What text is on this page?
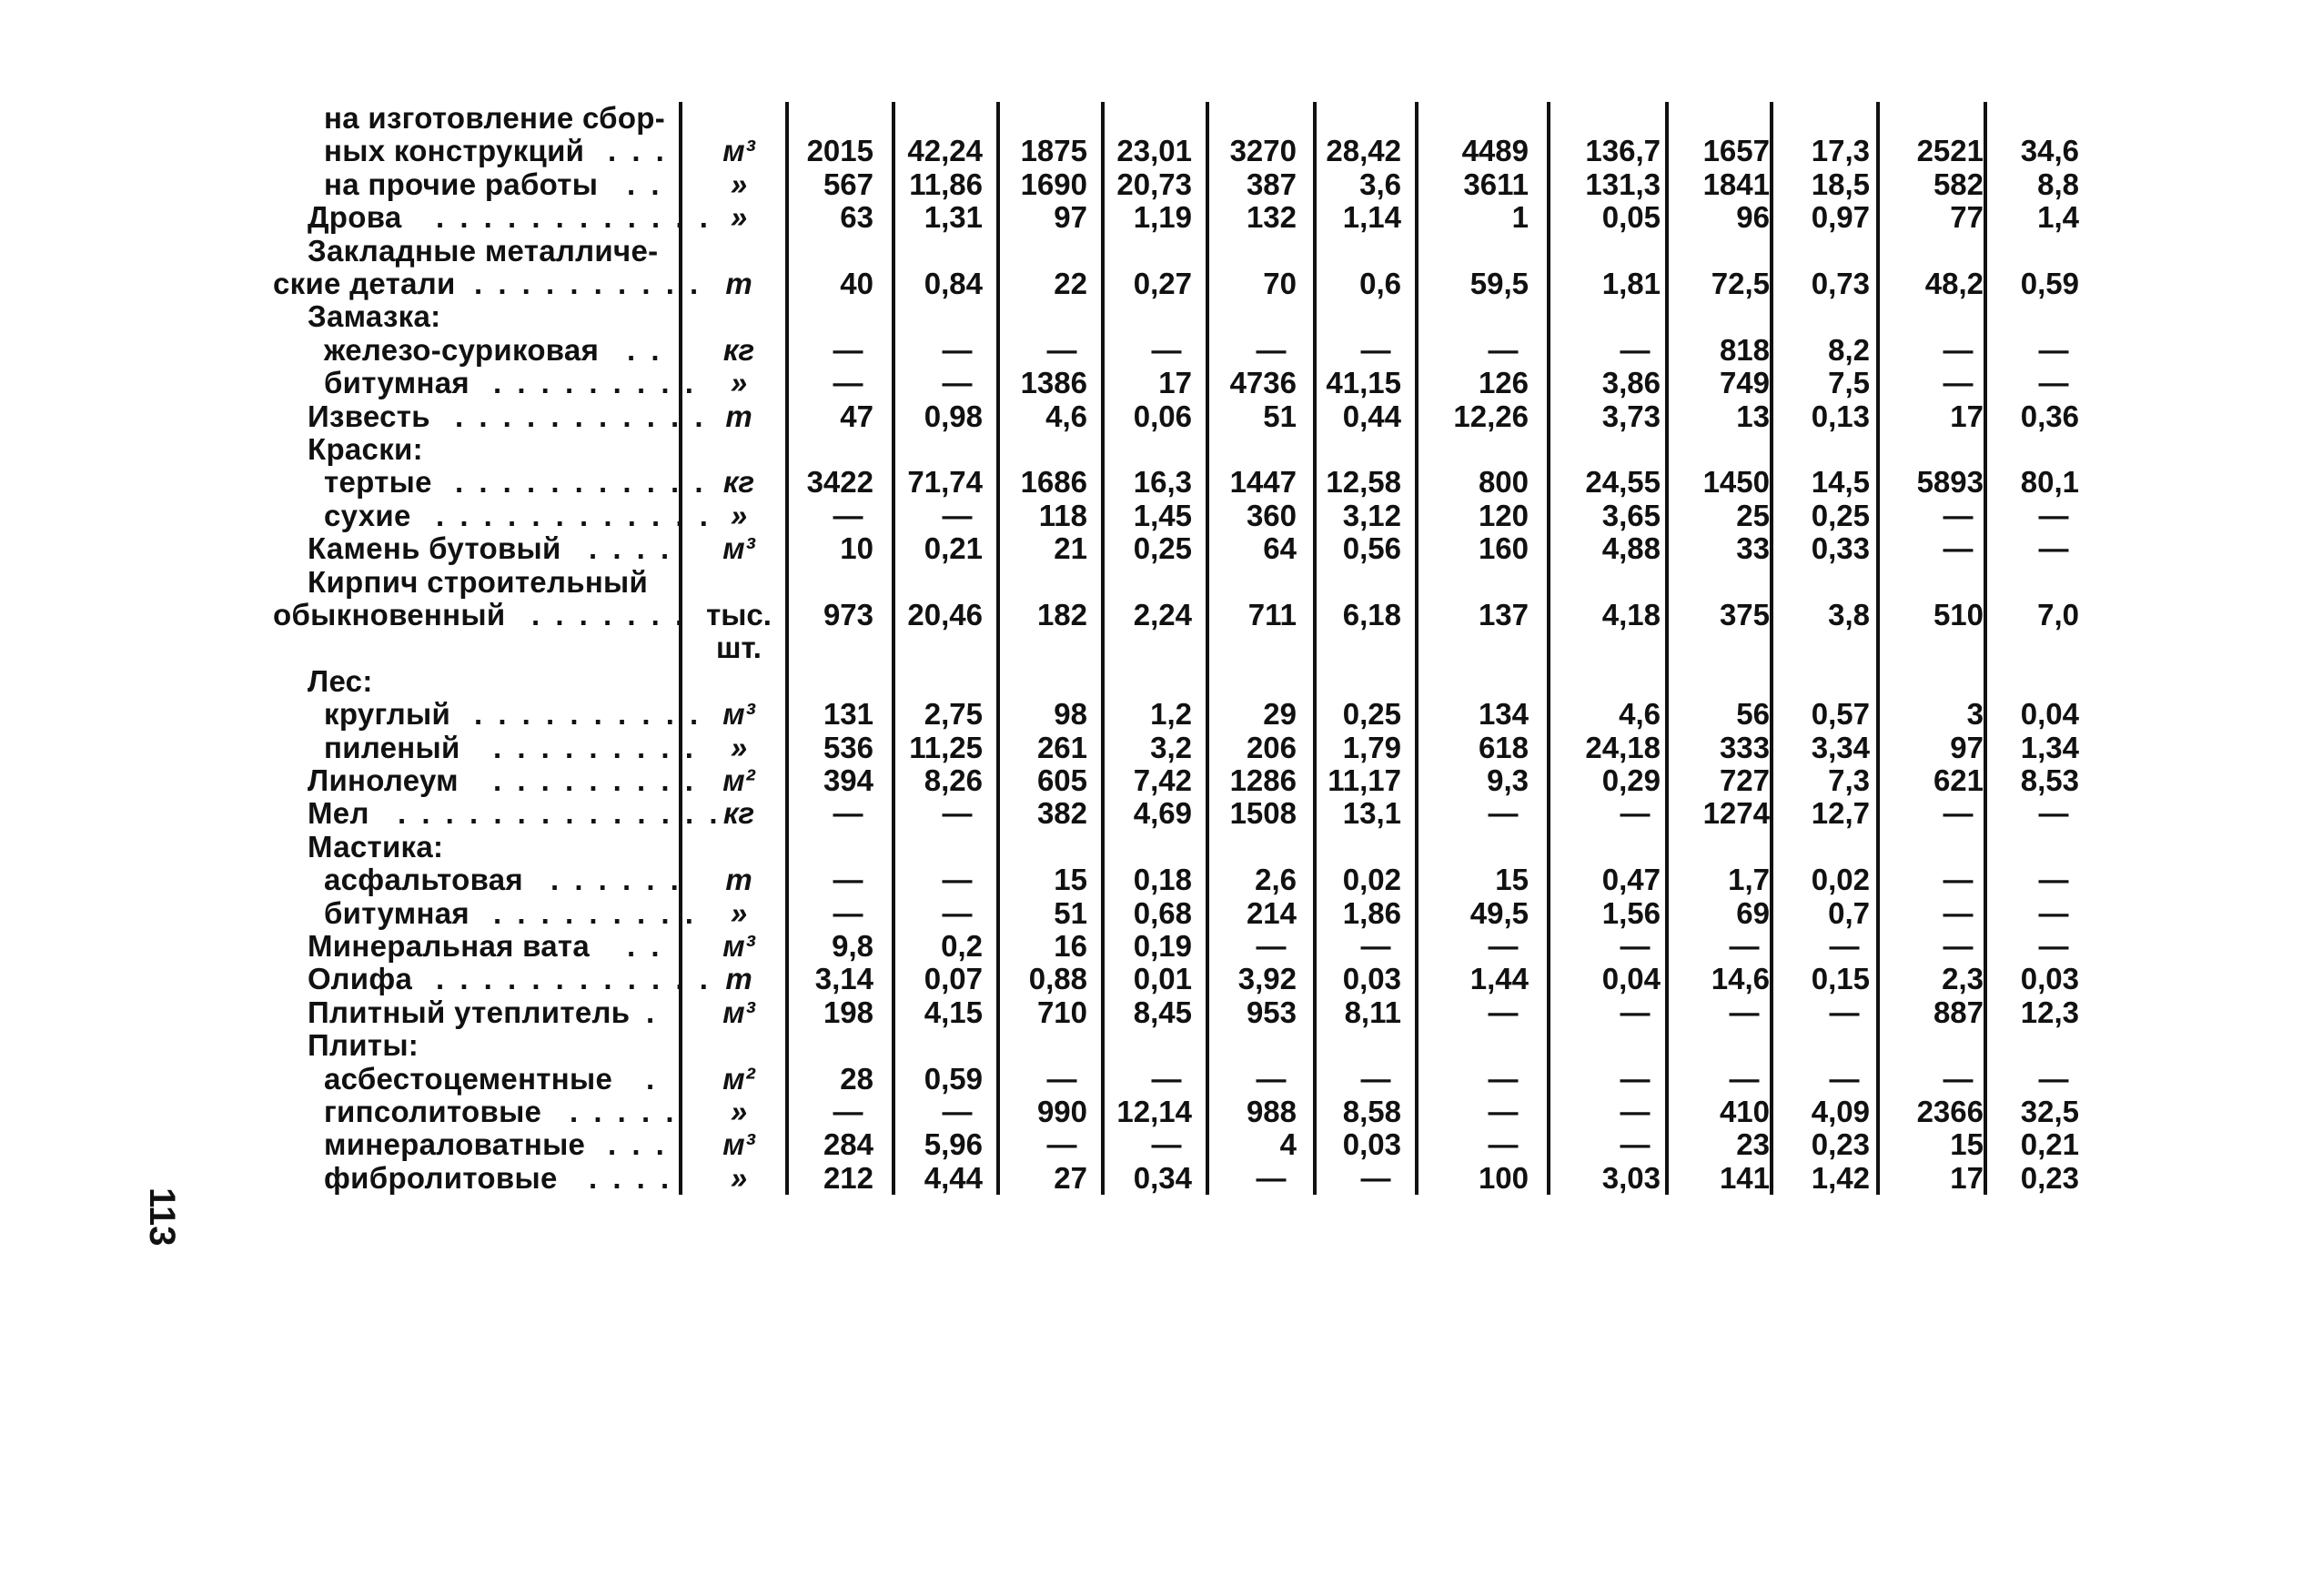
на изготовление сбор-
ных конструкций . . . м³ 2015 42,24 1875 23,01 3270 28,42 4489 136,7 1657 17,3 2521 34,6
на прочие работы . . »	567 11,86 1690 20,73 387 3,6 3611 131,3 1841 18,5 582 8,8
Дрова . . . . . . . . . . . . »	63 1,31 97 1,19 132 1,14	1 0,05	96 0,97	77 1,4
Закладные металличе-
ские детали . . . . . . . . . . т	40 0,84 22 0,27 70 0,6 59,5 1,81 72,5 0,73 48,2 0,59
Замазка:
железо-суриковая . . кг	—	— — — — —	—	— 818 8,2 — —
битумная . . . . . . . . . »	—	— 1386 17 4736 41,15	126 3,86 749 7,5 — —
Известь . . . . . . . . . . . т	47 0,98 4,6 0,06 51 0,44 12,26 3,73	13 0,13	17 0,36
Краски:
тертые . . . . . . . . . . . кг 3422 71,74 1686 16,3 1447 12,58	800 24,55 1450 14,5 5893 80,1
сухие . . . . . . . . . . . . »	—	— 118 1,45 360 3,12	120 3,65	25 0,25 — —
Камень бутовый . . . . м³	10 0,21 21 0,25 64 0,56	160 4,88	33 0,33 — —
Кирпич строительный
обыкновенный . . . . . . . тыс. 973 20,46 182 2,24 711 6,18	137 4,18 375 3,8 510 7,0
шт.
Лес:
круглый . . . . . . . . . . м³ 131 2,75 98 1,2 29 0,25	134	4,6	56 0,57	3 0,04
пиленый . . . . . . . . . »	536 11,25 261 3,2 206 1,79	618 24,18 333 3,34	97 1,34
Линолеум . . . . . . . . . м² 394 8,26 605 7,42 1286 11,17	9,3 0,29 727 7,3 621 8,53
Мел . . . . . . . . . . . . . . кг	—	— 382 4,69 1508 13,1	—	— 1274 12,7 — —
Мастика:
асфальтовая . . . . . . т	—	—	15 0,18 2,6 0,02	15 0,47 1,7 0,02 — —
битумная . . . . . . . . . »	—	—	51 0,68 214 1,86 49,5 1,56	69 0,7 — —
Минеральная вата . . м³	9,8 0,2 16 0,19 — —	—	—	— —	— —
Олифа . . . . . . . . . . . . т 3,14 0,07 0,88 0,01 3,92 0,03 1,44 0,04 14,6 0,15 2,3 0,03
Плитный утеплитель . м³ 198 4,15 710 8,45 953 8,11	—	—	— — 887 12,3
Плиты:
асбестоцементные . м²	28 0,59 — — — —	—	—	— —	— —
гипсолитовые . . . . . »	—	— 990 12,14 988 8,58	—	— 410 4,09 2366 32,5
минераловатные . . . м³ 284 5,96 — —	4 0,03	—	—	23 0,23	15 0,21
фибролитовые . . . . »	212 4,44 27 0,34 — —	100 3,03 141 1,42	17 0,23
113
